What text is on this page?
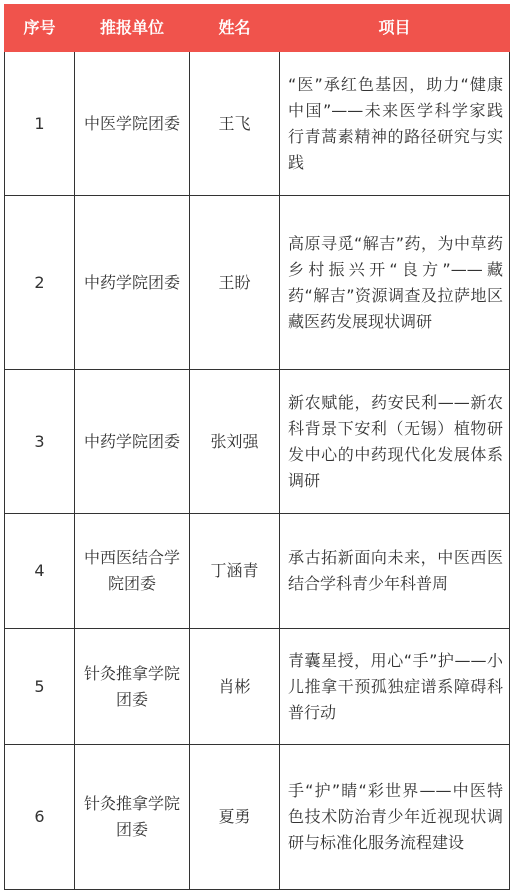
序号	推报单位	姓名	项目
1	中医学院团委	王飞	“医”承红色基因，助力“健康中国”——未来医学科学家践行青蒿素精神的路径研究与实践
2	中药学院团委	王盼	高原寻觅“解吉”药，为中草药乡村振兴开“良方”——藏药“解吉”资源调查及拉萨地区藏医药发展现状调研
3	中药学院团委	张刘强	新农赋能，药安民利——新农科背景下安利（无锡）植物研发中心的中药现代化发展体系调研
4	中西医结合学院团委	丁涵青	承古拓新面向未来，中医西医结合学科青少年科普周
5	针灸推拿学院团委	肖彬	青囊星授，用心“手”护——小儿推拿干预孤独症谱系障碍科普行动
6	针灸推拿学院团委	夏勇	手“护”睛“彩世界——中医特色技术防治青少年近视现状调研与标准化服务流程建设
